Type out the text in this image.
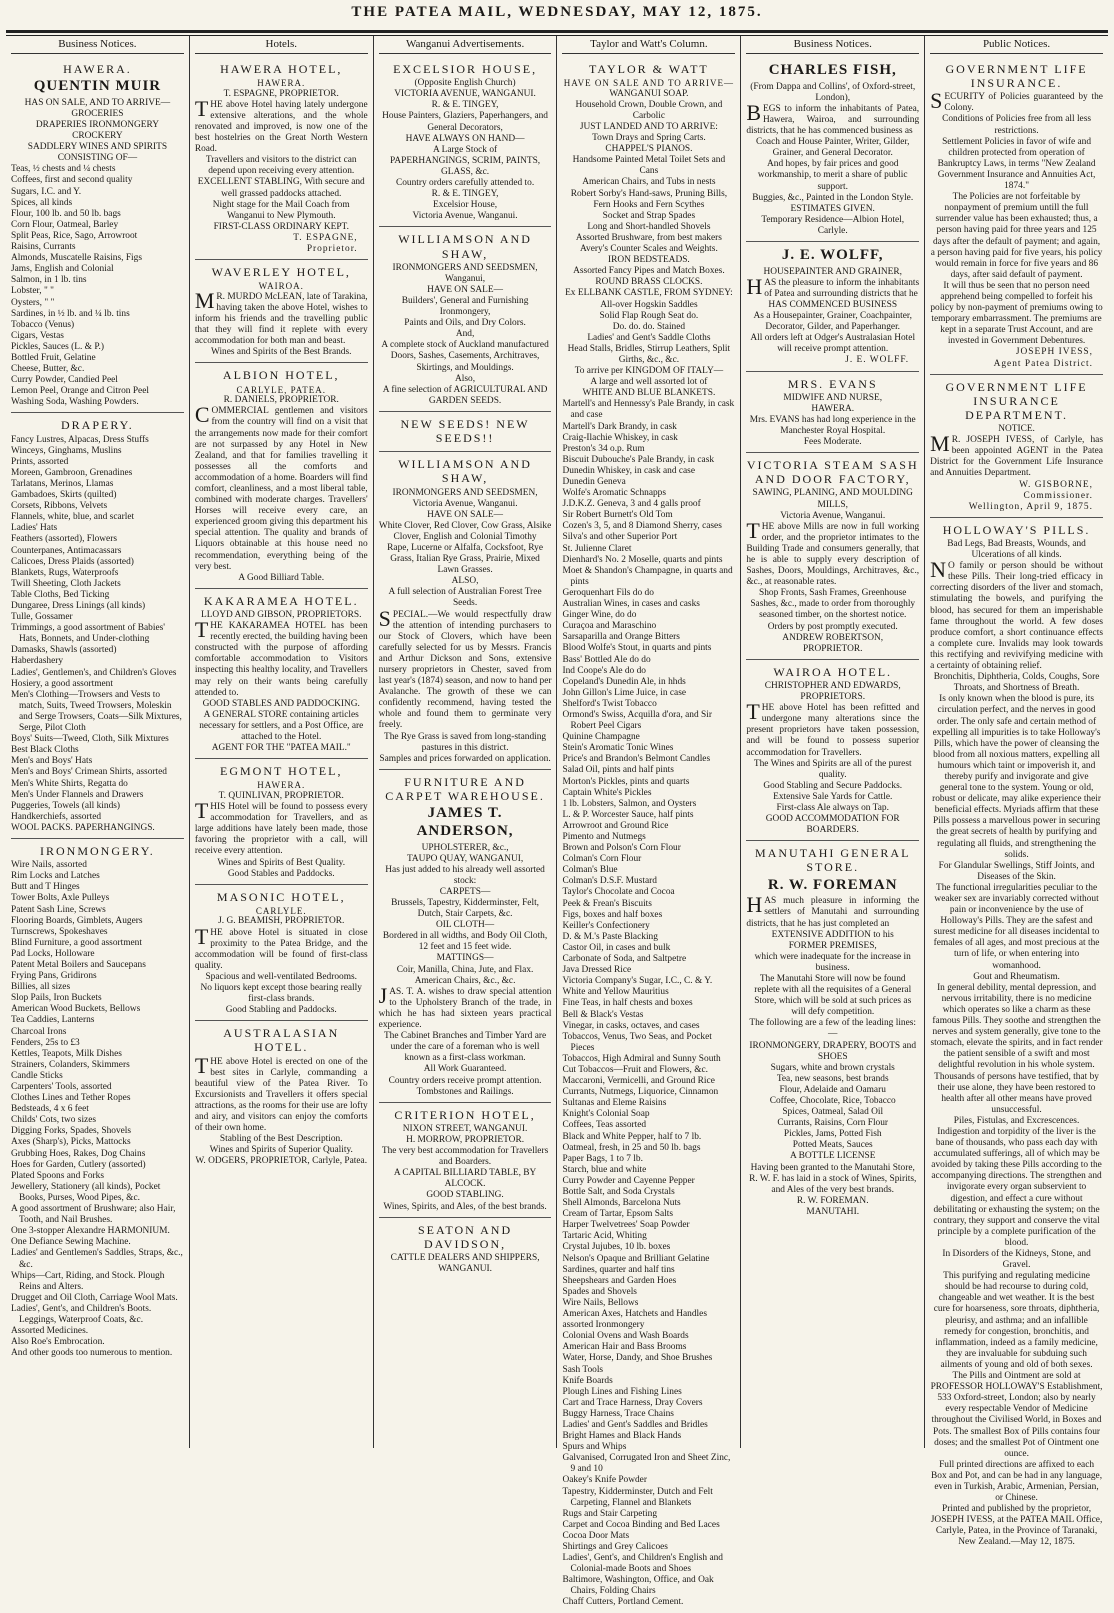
THE PATEA MAIL, WEDNESDAY, MAY 12, 1875.
Business Notices.
HAWERA.
QUENTIN MUIR
HAS ON SALE, AND TO ARRIVE—
GROCERIES
DRAPERIES IRONMONGERY
CROCKERY
SADDLERY WINES AND SPIRITS
CONSISTING OF—
Teas, ½ chests and ¼ chests
Coffees, first and second quality
Sugars, I.C. and Y.
Spices, all kinds
Flour, 100 lb. and 50 lb. bags
Corn Flour, Oatmeal, Barley
Split Peas, Rice, Sago, Arrowroot
Raisins, Currants
Almonds, Muscatelle Raisins, Figs
Jams, English and Colonial
Salmon, in 1 lb. tins
Lobster, " "
Oysters, " "
Sardines, in ½ lb. and ¼ lb. tins
Tobacco (Venus)
Cigars, Vestas
Pickles, Sauces (L. & P.)
Bottled Fruit, Gelatine
Cheese, Butter, &c.
Curry Powder, Candied Peel
Lemon Peel, Orange and Citron Peel
Washing Soda, Washing Powders.
DRAPERY.
Fancy Lustres, Alpacas, Dress Stuffs
Winceys, Ginghams, Muslins
Prints, assorted
Moreen, Gambroon, Grenadines
Tarlatans, Merinos, Llamas
Gambadoes, Skirts (quilted)
Corsets, Ribbons, Velvets
Flannels, white, blue, and scarlet
Ladies' Hats
Feathers (assorted), Flowers
Counterpanes, Antimacassars
Calicoes, Dress Plaids (assorted)
Blankets, Rugs, Waterproofs
Twill Sheeting, Cloth Jackets
Table Cloths, Bed Ticking
Dungaree, Dress Linings (all kinds)
Tulle, Gossamer
Trimmings, a good assortment of Babies' Hats, Bonnets, and Under-clothing
Damasks, Shawls (assorted)
Haberdashery
Ladies', Gentlemen's, and Children's Gloves
Hosiery, a good assortment
Men's Clothing—Trowsers and Vests to match, Suits, Tweed Trowsers, Moleskin and Serge Trowsers, Coats—Silk Mixtures, Serge, Pilot Cloth
Boys' Suits—Tweed, Cloth, Silk Mixtures
Best Black Cloths
Men's and Boys' Hats
Men's and Boys' Crimean Shirts, assorted
Men's White Shirts, Regatta do
Men's Under Flannels and Drawers
Puggeries, Towels (all kinds)
Handkerchiefs, assorted
WOOL PACKS. PAPERHANGINGS.
IRONMONGERY.
Wire Nails, assorted
Rim Locks and Latches
Butt and T Hinges
Tower Bolts, Axle Pulleys
Patent Sash Line, Screws
Flooring Boards, Gimblets, Augers
Turnscrews, Spokeshaves
Blind Furniture, a good assortment
Pad Locks, Holloware
Patent Metal Boilers and Saucepans
Frying Pans, Gridirons
Billies, all sizes
Slop Pails, Iron Buckets
American Wood Buckets, Bellows
Tea Caddies, Lanterns
Charcoal Irons
Fenders, 25s to £3
Kettles, Teapots, Milk Dishes
Strainers, Colanders, Skimmers
Candle Sticks
Carpenters' Tools, assorted
Clothes Lines and Tether Ropes
Bedsteads, 4 x 6 feet
Childs' Cots, two sizes
Digging Forks, Spades, Shovels
Axes (Sharp's), Picks, Mattocks
Grubbing Hoes, Rakes, Dog Chains
Hoes for Garden, Cutlery (assorted)
Plated Spoons and Forks
Jewellery, Stationery (all kinds), Pocket Books, Purses, Wood Pipes, &c.
A good assortment of Brushware; also Hair, Tooth, and Nail Brushes.
One 3-stopper Alexandre HARMONIUM.
One Defiance Sewing Machine.
Ladies' and Gentlemen's Saddles, Straps, &c., &c.
Whips—Cart, Riding, and Stock. Plough Reins and Alters.
Drugget and Oil Cloth, Carriage Wool Mats.
Ladies', Gent's, and Children's Boots. Leggings, Waterproof Coats, &c.
Assorted Medicines.
Also Roe's Embrocation.
And other goods too numerous to mention.
Hotels.
HAWERA HOTEL,
HAWERA.
T. ESPAGNE, PROPRIETOR.
THE above Hotel having lately undergone extensive alterations, and the whole renovated and improved, is now one of the best hostelries on the Great North Western Road.
Travellers and visitors to the district can depend upon receiving every attention.
EXCELLENT STABLING, With secure and well grassed paddocks attached.
Night stage for the Mail Coach from Wanganui to New Plymouth.
FIRST-CLASS ORDINARY KEPT.
T. ESPAGNE,
Proprietor.
WAVERLEY HOTEL,
WAIROA.
MR. MURDO McLEAN, late of Tarakina, having taken the above Hotel, wishes to inform his friends and the travelling public that they will find it replete with every accommodation for both man and beast.
Wines and Spirits of the Best Brands.
ALBION HOTEL,
CARLYLE, PATEA.
R. DANIELS, PROPRIETOR.
COMMERCIAL gentlemen and visitors from the country will find on a visit that the arrangements now made for their comfort are not surpassed by any Hotel in New Zealand, and that for families travelling it possesses all the comforts and accommodation of a home. Boarders will find comfort, cleanliness, and a most liberal table, combined with moderate charges. Travellers' Horses will receive every care, an experienced groom giving this department his special attention. The quality and brands of Liquors obtainable at this house need no recommendation, everything being of the very best.
A Good Billiard Table.
KAKARAMEA HOTEL.
LLOYD AND GIBSON, PROPRIETORS.
THE KAKARAMEA HOTEL has been recently erected, the building having been constructed with the purpose of affording comfortable accommodation to Visitors inspecting this healthy locality, and Travellers may rely on their wants being carefully attended to.
GOOD STABLES AND PADDOCKING.
A GENERAL STORE containing articles necessary for settlers, and a Post Office, are attached to the Hotel.
AGENT FOR THE "PATEA MAIL."
EGMONT HOTEL,
HAWERA.
T. QUINLIVAN, PROPRIETOR.
THIS Hotel will be found to possess every accommodation for Travellers, and as large additions have lately been made, those favoring the proprietor with a call, will receive every attention.
Wines and Spirits of Best Quality.
Good Stables and Paddocks.
MASONIC HOTEL,
CARLYLE.
J. G. BEAMISH, PROPRIETOR.
THE above Hotel is situated in close proximity to the Patea Bridge, and the accommodation will be found of first-class quality.
Spacious and well-ventilated Bedrooms.
No liquors kept except those bearing really first-class brands.
Good Stabling and Paddocks.
AUSTRALASIAN HOTEL.
THE above Hotel is erected on one of the best sites in Carlyle, commanding a beautiful view of the Patea River. To Excursionists and Travellers it offers special attractions, as the rooms for their use are lofty and airy, and visitors can enjoy the comforts of their own home.
Stabling of the Best Description.
Wines and Spirits of Superior Quality.
W. ODGERS, PROPRIETOR, Carlyle, Patea.
Wanganui Advertisements.
EXCELSIOR HOUSE,
(Opposite English Church)
VICTORIA AVENUE, WANGANUI.
R. & E. TINGEY,
House Painters, Glaziers, Paperhangers, and General Decorators,
HAVE ALWAYS ON HAND—
A Large Stock of
PAPERHANGINGS, SCRIM, PAINTS, GLASS, &c.
Country orders carefully attended to.
R. & E. TINGEY,
Excelsior House,
Victoria Avenue, Wanganui.
WILLIAMSON AND SHAW,
IRONMONGERS AND SEEDSMEN,
Wanganui,
HAVE ON SALE—
Builders', General and Furnishing Ironmongery,
Paints and Oils, and Dry Colors.
And,
A complete stock of Auckland manufactured Doors, Sashes, Casements, Architraves, Skirtings, and Mouldings.
Also,
A fine selection of AGRICULTURAL AND GARDEN SEEDS.
NEW SEEDS! NEW SEEDS!!
WILLIAMSON AND SHAW,
IRONMONGERS AND SEEDSMEN,
Victoria Avenue, Wanganui.
HAVE ON SALE—
White Clover, Red Clover, Cow Grass, Alsike Clover, English and Colonial Timothy
Rape, Lucerne or Alfalfa, Cocksfoot, Rye Grass, Italian Rye Grass, Prairie, Mixed Lawn Grasses.
ALSO,
A full selection of Australian Forest Tree Seeds.
SPECIAL.—We would respectfully draw the attention of intending purchasers to our Stock of Clovers, which have been carefully selected for us by Messrs. Francis and Arthur Dickson and Sons, extensive nursery proprietors in Chester, saved from last year's (1874) season, and now to hand per Avalanche. The growth of these we can confidently recommend, having tested the whole and found them to germinate very freely.
The Rye Grass is saved from long-standing pastures in this district.
Samples and prices forwarded on application.
FURNITURE AND CARPET WAREHOUSE.
JAMES T. ANDERSON,
UPHOLSTERER, &c.,
TAUPO QUAY, WANGANUI,
Has just added to his already well assorted stock:
CARPETS—
Brussels, Tapestry, Kidderminster, Felt, Dutch, Stair Carpets, &c.
OIL CLOTH—
Bordered in all widths, and Body Oil Cloth, 12 feet and 15 feet wide.
MATTINGS—
Coir, Manilla, China, Jute, and Flax.
American Chairs, &c., &c.
JAS. T. A. wishes to draw special attention to the Upholstery Branch of the trade, in which he has had sixteen years practical experience.
The Cabinet Branches and Timber Yard are under the care of a foreman who is well known as a first-class workman.
All Work Guaranteed.
Country orders receive prompt attention.
Tombstones and Railings.
CRITERION HOTEL,
NIXON STREET, WANGANUI.
H. MORROW, PROPRIETOR.
The very best accommodation for Travellers and Boarders.
A CAPITAL BILLIARD TABLE, BY ALCOCK.
GOOD STABLING.
Wines, Spirits, and Ales, of the best brands.
SEATON AND DAVIDSON,
CATTLE DEALERS AND SHIPPERS,
WANGANUI.
Taylor and Watt's Column.
TAYLOR & WATT
HAVE ON SALE AND TO ARRIVE—
WANGANUI SOAP.
Household Crown, Double Crown, and Carbolic
JUST LANDED AND TO ARRIVE:
Town Drays and Spring Carts.
CHAPPEL'S PIANOS.
Handsome Painted Metal Toilet Sets and Cans
American Chairs, and Tubs in nests
Robert Sorby's Hand-saws, Pruning Bills, Fern Hooks and Fern Scythes
Socket and Strap Spades
Long and Short-handled Shovels
Assorted Brushware, from best makers
Avery's Counter Scales and Weights.
IRON BEDSTEADS.
Assorted Fancy Pipes and Match Boxes.
ROUND BRASS CLOCKS.
Ex ELLBANK CASTLE, FROM SYDNEY:
All-over Hogskin Saddles
Solid Flap Rough Seat do.
Do. do. do. Stained
Ladies' and Gent's Saddle Cloths
Head Stalls, Bridles, Stirrup Leathers, Split Girths, &c., &c.
To arrive per KINGDOM OF ITALY—
A large and well assorted lot of
WHITE AND BLUE BLANKETS.
Martell's and Hennessy's Pale Brandy, in cask and case
Martell's Dark Brandy, in cask
Craig-Ilachie Whiskey, in cask
Preston's 34 o.p. Rum
Biscuit Dubouche's Pale Brandy, in cask
Dunedin Whiskey, in cask and case
Dunedin Geneva
Wolfe's Aromatic Schnapps
J.D.K.Z. Geneva, 3 and 4 galls proof
Sir Robert Burnett's Old Tom
Cozen's 3, 5, and 8 Diamond Sherry, cases
Silva's and other Superior Port
St. Julienne Claret
Dienhard's No. 2 Moselle, quarts and pints
Moet & Shandon's Champagne, in quarts and pints
Geroquenhart Fils do do
Australian Wines, in cases and casks
Ginger Wine, do do
Curaçoa and Maraschino
Sarsaparilla and Orange Bitters
Blood Wolfe's Stout, in quarts and pints
Bass' Bottled Ale do do
Ind Coope's Ale do do
Copeland's Dunedin Ale, in hhds
John Gillon's Lime Juice, in case
Shelford's Twist Tobacco
Ormond's Swiss, Acquilla d'ora, and Sir Robert Peel Cigars
Quinine Champagne
Stein's Aromatic Tonic Wines
Price's and Brandon's Belmont Candles
Salad Oil, pints and half pints
Morton's Pickles, pints and quarts
Captain White's Pickles
1 lb. Lobsters, Salmon, and Oysters
L. & P. Worcester Sauce, half pints
Arrowroot and Ground Rice
Pimento and Nutmegs
Brown and Polson's Corn Flour
Colman's Corn Flour
Colman's Blue
Colman's D.S.F. Mustard
Taylor's Chocolate and Cocoa
Peek & Frean's Biscuits
Figs, boxes and half boxes
Keiller's Confectionery
D. & M.'s Paste Blacking
Castor Oil, in cases and bulk
Carbonate of Soda, and Saltpetre
Java Dressed Rice
Victoria Company's Sugar, I.C., C. & Y.
White and Yellow Mauritius
Fine Teas, in half chests and boxes
Bell & Black's Vestas
Vinegar, in casks, octaves, and cases
Tobaccos, Venus, Two Seas, and Pocket Pieces
Tobaccos, High Admiral and Sunny South
Cut Tobaccos—Fruit and Flowers, &c.
Maccaroni, Vermicelli, and Ground Rice
Currants, Nutmegs, Liquorice, Cinnamon
Sultanas and Eleme Raisins
Knight's Colonial Soap
Coffees, Teas assorted
Black and White Pepper, half to 7 lb.
Oatmeal, fresh, in 25 and 50 lb. bags
Paper Bags, 1 to 7 lb.
Starch, blue and white
Curry Powder and Cayenne Pepper
Bottle Salt, and Soda Crystals
Shell Almonds, Barcelona Nuts
Cream of Tartar, Epsom Salts
Harper Twelvetrees' Soap Powder
Tartaric Acid, Whiting
Crystal Jujubes, 10 lb. boxes
Nelson's Opaque and Brilliant Gelatine
Sardines, quarter and half tins
Sheepshears and Garden Hoes
Spades and Shovels
Wire Nails, Bellows
American Axes, Hatchets and Handles
assorted Ironmongery
Colonial Ovens and Wash Boards
American Hair and Bass Brooms
Water, Horse, Dandy, and Shoe Brushes
Sash Tools
Knife Boards
Plough Lines and Fishing Lines
Cart and Trace Harness, Dray Covers
Buggy Harness, Trace Chains
Ladies' and Gent's Saddles and Bridles
Bright Hames and Black Hands
Spurs and Whips
Galvanised, Corrugated Iron and Sheet Zinc, 9 and 10
Oakey's Knife Powder
Tapestry, Kidderminster, Dutch and Felt Carpeting, Flannel and Blankets
Rugs and Stair Carpeting
Carpet and Cocoa Binding and Bed Laces
Cocoa Door Mats
Shirtings and Grey Calicoes
Ladies', Gent's, and Children's English and Colonial-made Boots and Shoes
Baltimore, Washington, Office, and Oak Chairs, Folding Chairs
Chaff Cutters, Portland Cement.
Business Notices.
CHARLES FISH,
(From Dappa and Collins', of Oxford-street, London),
BEGS to inform the inhabitants of Patea, Hawera, Wairoa, and surrounding districts, that he has commenced business as
Coach and House Painter, Writer, Gilder, Grainer, and General Decorator.
And hopes, by fair prices and good workmanship, to merit a share of public support.
Buggies, &c., Painted in the London Style.
ESTIMATES GIVEN.
Temporary Residence—Albion Hotel, Carlyle.
J. E. WOLFF,
HOUSEPAINTER AND GRAINER,
HAS the pleasure to inform the inhabitants of Patea and surrounding districts that he
HAS COMMENCED BUSINESS
As a Housepainter, Grainer, Coachpainter, Decorator, Gilder, and Paperhanger.
All orders left at Odger's Australasian Hotel will receive prompt attention.
J. E. WOLFF.
MRS. EVANS
MIDWIFE AND NURSE,
HAWERA.
Mrs. EVANS has had long experience in the Manchester Royal Hospital.
Fees Moderate.
VICTORIA STEAM SASH AND DOOR FACTORY,
SAWING, PLANING, AND MOULDING MILLS,
Victoria Avenue, Wanganui.
THE above Mills are now in full working order, and the proprietor intimates to the Building Trade and consumers generally, that he is able to supply every description of Sashes, Doors, Mouldings, Architraves, &c., &c., at reasonable rates.
Shop Fronts, Sash Frames, Greenhouse Sashes, &c., made to order from thoroughly seasoned timber, on the shortest notice.
Orders by post promptly executed.
ANDREW ROBERTSON,
PROPRIETOR.
WAIROA HOTEL.
CHRISTOPHER AND EDWARDS,
PROPRIETORS.
THE above Hotel has been refitted and undergone many alterations since the present proprietors have taken possession, and will be found to possess superior accommodation for Travellers.
The Wines and Spirits are all of the purest quality.
Good Stabling and Secure Paddocks.
Extensive Sale Yards for Cattle.
First-class Ale always on Tap.
GOOD ACCOMMODATION FOR BOARDERS.
MANUTAHI GENERAL STORE.
R. W. FOREMAN
HAS much pleasure in informing the settlers of Manutahi and surrounding districts, that he has just completed an
EXTENSIVE ADDITION to his
FORMER PREMISES,
which were inadequate for the increase in business.
The Manutahi Store will now be found replete with all the requisites of a General Store, which will be sold at such prices as will defy competition.
The following are a few of the leading lines:—
IRONMONGERY, DRAPERY, BOOTS and SHOES
Sugars, white and brown crystals
Tea, new seasons, best brands
Flour, Adelaide and Oamaru
Coffee, Chocolate, Rice, Tobacco
Spices, Oatmeal, Salad Oil
Currants, Raisins, Corn Flour
Pickles, Jams, Potted Fish
Potted Meats, Sauces
A BOTTLE LICENSE
Having been granted to the Manutahi Store, R. W. F. has laid in a stock of Wines, Spirits, and Ales of the very best brands.
R. W. FOREMAN.
MANUTAHI.
Public Notices.
GOVERNMENT LIFE INSURANCE.
SECURITY of Policies guaranteed by the Colony.
Conditions of Policies free from all less restrictions.
Settlement Policies in favor of wife and children protected from operation of Bankruptcy Laws, in terms "New Zealand Government Insurance and Annuities Act, 1874."
The Policies are not forfeitable by nonpayment of premium untill the full surrender value has been exhausted; thus, a person having paid for three years and 125 days after the default of payment; and again, a person having paid for five years, his policy would remain in force for five years and 86 days, after said default of payment.
It will thus be seen that no person need apprehend being compelled to forfeit his policy by non-payment of premiums owing to temporary embarrassment. The premiums are kept in a separate Trust Account, and are invested in Government Debentures.
JOSEPH IVESS,
Agent Patea District.
GOVERNMENT LIFE INSURANCE DEPARTMENT.
NOTICE.
MR. JOSEPH IVESS, of Carlyle, has been appointed AGENT in the Patea District for the Government Life Insurance and Annuities Department.
W. GISBORNE,
Commissioner.
Wellington, April 9, 1875.
HOLLOWAY'S PILLS.
Bad Legs, Bad Breasts, Wounds, and Ulcerations of all kinds.
NO family or person should be without these Pills. Their long-tried efficacy in correcting disorders of the liver and stomach, stimulating the bowels, and purifying the blood, has secured for them an imperishable fame throughout the world. A few doses produce comfort, a short continuance effects a complete cure. Invalids may look towards this rectifying and revivifying medicine with a certainty of obtaining relief.
Bronchitis, Diphtheria, Colds, Coughs, Sore Throats, and Shortness of Breath.
Is only known when the blood is pure, its circulation perfect, and the nerves in good order. The only safe and certain method of expelling all impurities is to take Holloway's Pills, which have the power of cleansing the blood from all noxious matters, expelling all humours which taint or impoverish it, and thereby purify and invigorate and give general tone to the system. Young or old, robust or delicate, may alike experience their beneficial effects. Myriads affirm that these Pills possess a marvellous power in securing the great secrets of health by purifying and regulating all fluids, and strengthening the solids.
For Glandular Swellings, Stiff Joints, and Diseases of the Skin.
The functional irregularities peculiar to the weaker sex are invariably corrected without pain or inconvenience by the use of Holloway's Pills. They are the safest and surest medicine for all diseases incidental to females of all ages, and most precious at the turn of life, or when entering into womanhood.
Gout and Rheumatism.
In general debility, mental depression, and nervous irritability, there is no medicine which operates so like a charm as these famous Pills. They soothe and strengthen the nerves and system generally, give tone to the stomach, elevate the spirits, and in fact render the patient sensible of a swift and most delightful revolution in his whole system. Thousands of persons have testified, that by their use alone, they have been restored to health after all other means have proved unsuccessful.
Piles, Fistulas, and Excrescences.
Indigestion and torpidity of the liver is the bane of thousands, who pass each day with accumulated sufferings, all of which may be avoided by taking these Pills according to the accompanying directions. The strengthen and invigorate every organ subservient to digestion, and effect a cure without debilitating or exhausting the system; on the contrary, they support and conserve the vital principle by a complete purification of the blood.
In Disorders of the Kidneys, Stone, and Gravel.
This purifying and regulating medicine should be had recourse to during cold, changeable and wet weather. It is the best cure for hoarseness, sore throats, diphtheria, pleurisy, and asthma; and an infallible remedy for congestion, bronchitis, and inflammation, indeed as a family medicine, they are invaluable for subduing such ailments of young and old of both sexes.
The Pills and Ointment are sold at PROFESSOR HOLLOWAY'S Establishment, 533 Oxford-street, London; also by nearly every respectable Vendor of Medicine throughout the Civilised World, in Boxes and Pots. The smallest Box of Pills contains four doses; and the smallest Pot of Ointment one ounce.
Full printed directions are affixed to each Box and Pot, and can be had in any language, even in Turkish, Arabic, Armenian, Persian, or Chinese.
Printed and published by the proprietor, JOSEPH IVESS, at the PATEA MAIL Office, Carlyle, Patea, in the Province of Taranaki, New Zealand.—May 12, 1875.
